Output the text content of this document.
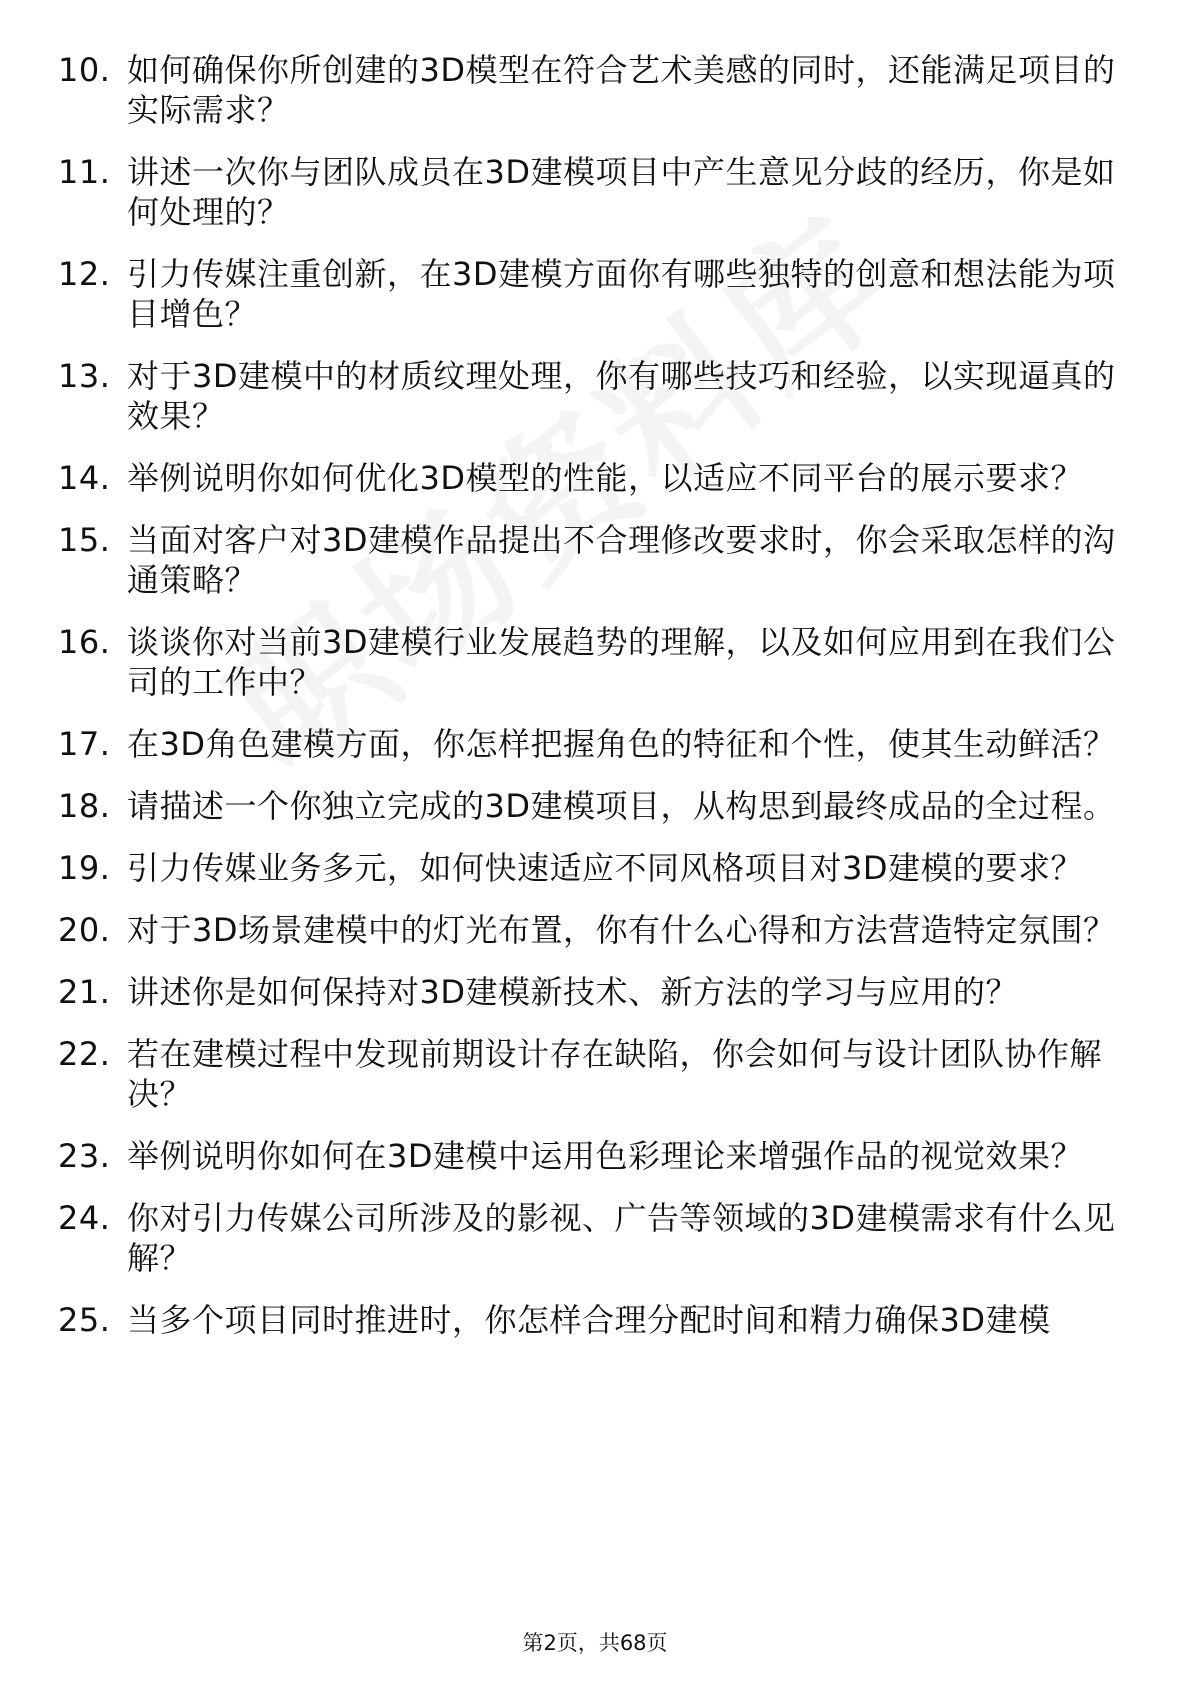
10. 如何确保你所创建的3D模型在符合艺术美感的同时，还能满足项目的实际需求？
11. 讲述一次你与团队成员在3D建模项目中产生意见分歧的经历，你是如何处理的？
12. 引力传媒注重创新，在3D建模方面你有哪些独特的创意和想法能为项目增色？
13. 对于3D建模中的材质纹理处理，你有哪些技巧和经验，以实现逼真的效果？
14. 举例说明你如何优化3D模型的性能，以适应不同平台的展示要求？
15. 当面对客户对3D建模作品提出不合理修改要求时，你会采取怎样的沟通策略？
16. 谈谈你对当前3D建模行业发展趋势的理解，以及如何应用到在我们公司的工作中？
17. 在3D角色建模方面，你怎样把握角色的特征和个性，使其生动鲜活？
18. 请描述一个你独立完成的3D建模项目，从构思到最终成品的全过程。
19. 引力传媒业务多元，如何快速适应不同风格项目对3D建模的要求？
20. 对于3D场景建模中的灯光布置，你有什么心得和方法营造特定氛围？
21. 讲述你是如何保持对3D建模新技术、新方法的学习与应用的？
22. 若在建模过程中发现前期设计存在缺陷，你会如何与设计团队协作解决？
23. 举例说明你如何在3D建模中运用色彩理论来增强作品的视觉效果？
24. 你对引力传媒公司所涉及的影视、广告等领域的3D建模需求有什么见解？
25. 当多个项目同时推进时，你怎样合理分配时间和精力确保3D建模
第2页，共68页
